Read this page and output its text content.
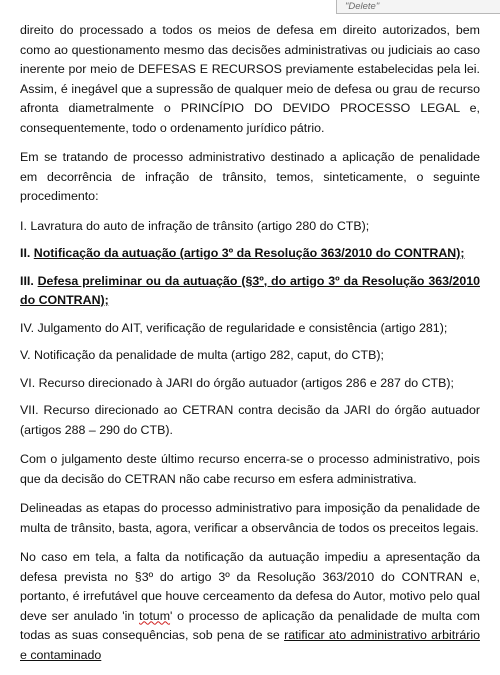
"Delete"

direito do processado a todos os meios de defesa em direito autorizados, bem como ao questionamento mesmo das decisões administrativas ou judiciais ao caso inerente por meio de DEFESAS E RECURSOS previamente estabelecidas pela lei. Assim, é inegável que a supressão de qualquer meio de defesa ou grau de recurso afronta diametralmente o PRINCÍPIO DO DEVIDO PROCESSO LEGAL e, consequentemente, todo o ordenamento jurídico pátrio.

Em se tratando de processo administrativo destinado a aplicação de penalidade em decorrência de infração de trânsito, temos, sinteticamente, o seguinte procedimento:

I. Lavratura do auto de infração de trânsito (artigo 280 do CTB);

II. Notificação da autuação (artigo 3º da Resolução 363/2010 do CONTRAN);

III. Defesa preliminar ou da autuação (§3º, do artigo 3º da Resolução 363/2010 do CONTRAN);

IV. Julgamento do AIT, verificação de regularidade e consistência (artigo 281);

V. Notificação da penalidade de multa (artigo 282, caput, do CTB);

VI. Recurso direcionado à JARI do órgão autuador (artigos 286 e 287 do CTB);

VII. Recurso direcionado ao CETRAN contra decisão da JARI do órgão autuador (artigos 288 – 290 do CTB).

Com o julgamento deste último recurso encerra-se o processo administrativo, pois que da decisão do CETRAN não cabe recurso em esfera administrativa.

Delineadas as etapas do processo administrativo para imposição da penalidade de multa de trânsito, basta, agora, verificar a observância de todos os preceitos legais.

No caso em tela, a falta da notificação da autuação impediu a apresentação da defesa prevista no §3º do artigo 3º da Resolução 363/2010 do CONTRAN e, portanto, é irrefutável que houve cerceamento da defesa do Autor, motivo pelo qual deve ser anulado 'in totum' o processo de aplicação da penalidade de multa com todas as suas consequências, sob pena de se ratificar ato administrativo arbitrário e contaminado
